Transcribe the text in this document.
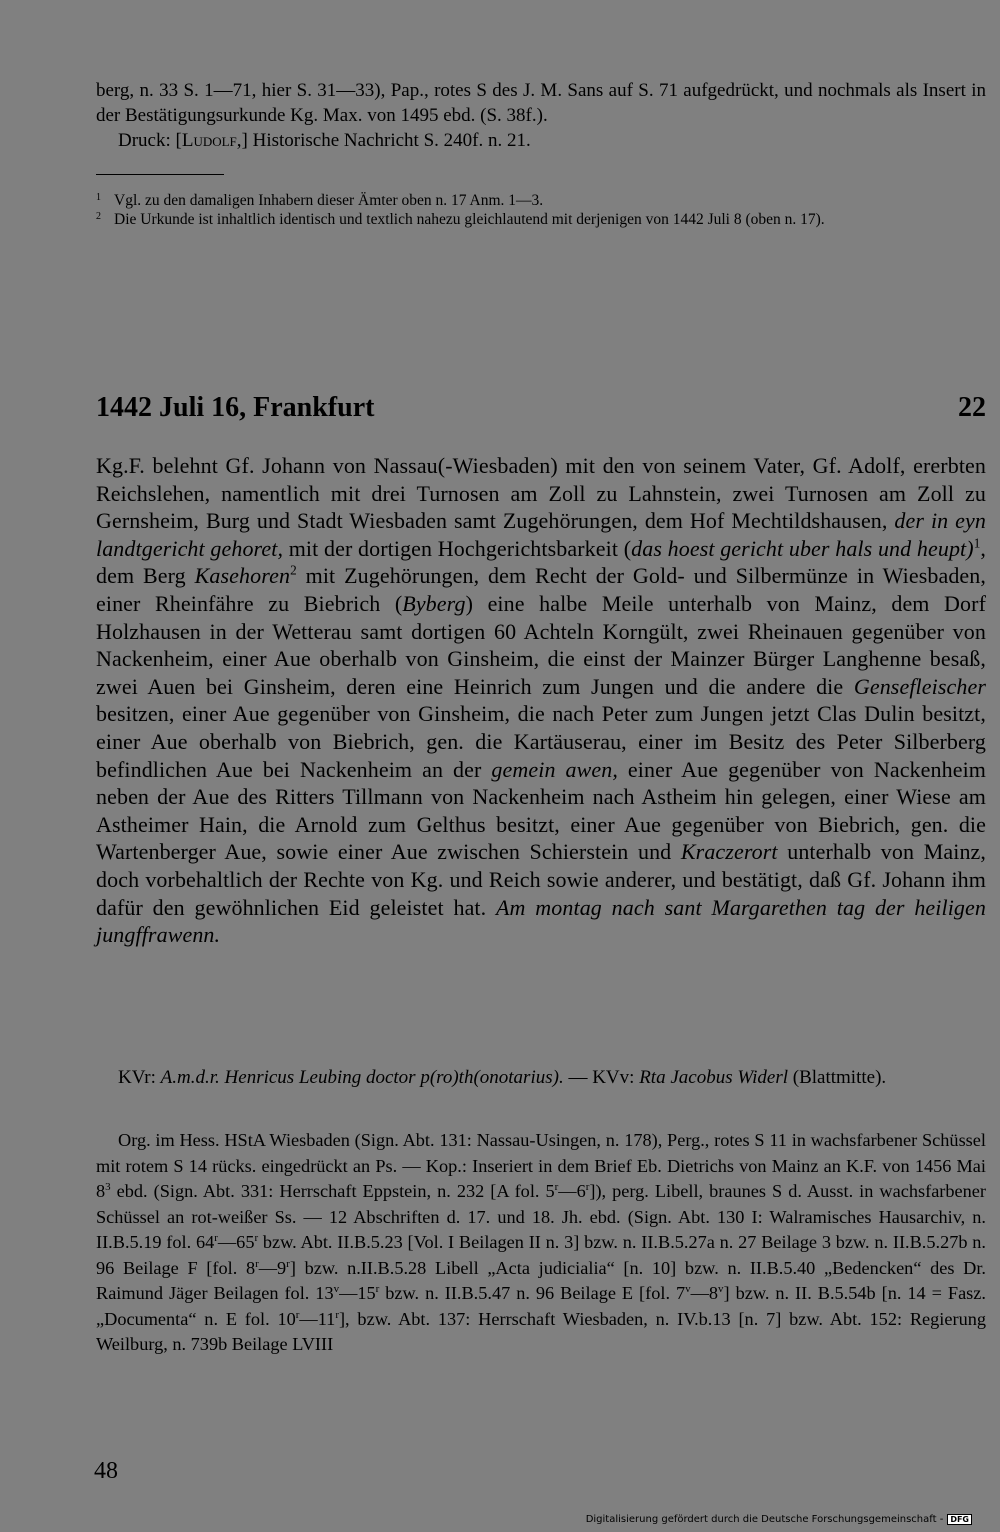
berg, n. 33 S. 1—71, hier S. 31—33), Pap., rotes S des J. M. Sans auf S. 71 aufgedrückt, und nochmals als Insert in der Bestätigungsurkunde Kg. Max. von 1495 ebd. (S. 38f.).
Druck: [Ludolf,] Historische Nachricht S. 240f. n. 21.
1 Vgl. zu den damaligen Inhabern dieser Ämter oben n. 17 Anm. 1—3.
2 Die Urkunde ist inhaltlich identisch und textlich nahezu gleichlautend mit derjenigen von 1442 Juli 8 (oben n. 17).
1442 Juli 16, Frankfurt	22
Kg.F. belehnt Gf. Johann von Nassau(-Wiesbaden) mit den von seinem Vater, Gf. Adolf, ererbten Reichslehen, namentlich mit drei Turnosen am Zoll zu Lahnstein, zwei Turnosen am Zoll zu Gernsheim, Burg und Stadt Wiesbaden samt Zugehörungen, dem Hof Mechtildshausen, der in eyn landtgericht gehoret, mit der dortigen Hochgerichtsbarkeit (das hoest gericht uber hals und heupt)$^1$, dem Berg Kasehoren$^2$ mit Zugehörungen, dem Recht der Gold- und Silbermünze in Wiesbaden, einer Rheinfähre zu Biebrich (Byberg) eine halbe Meile unterhalb von Mainz, dem Dorf Holzhausen in der Wetterau samt dortigen 60 Achteln Korngült, zwei Rheinauen gegenüber von Nackenheim, einer Aue oberhalb von Ginsheim, die einst der Mainzer Bürger Langhenne besaß, zwei Auen bei Ginsheim, deren eine Heinrich zum Jungen und die andere die Gensefleischer besitzen, einer Aue gegenüber von Ginsheim, die nach Peter zum Jungen jetzt Clas Dulin besitzt, einer Aue oberhalb von Biebrich, gen. die Kartäuserau, einer im Besitz des Peter Silberberg befindlichen Aue bei Nackenheim an der gemein awen, einer Aue gegenüber von Nackenheim neben der Aue des Ritters Tillmann von Nackenheim nach Astheim hin gelegen, einer Wiese am Astheimer Hain, die Arnold zum Gelthus besitzt, einer Aue gegenüber von Biebrich, gen. die Wartenberger Aue, sowie einer Aue zwischen Schierstein und Kraczerort unterhalb von Mainz, doch vorbehaltlich der Rechte von Kg. und Reich sowie anderer, und bestätigt, daß Gf. Johann ihm dafür den gewöhnlichen Eid geleistet hat. Am montag nach sant Margarethen tag der heiligen jungffrawenn.
KVr: A.m.d.r. Henricus Leubing doctor p(ro)th(onotarius). — KVv: Rta Jacobus Widerl (Blattmitte).
Org. im Hess. HStA Wiesbaden (Sign. Abt. 131: Nassau-Usingen, n. 178), Perg., rotes S 11 in wachsfarbener Schüssel mit rotem S 14 rücks. eingedrückt an Ps. — Kop.: Inseriert in dem Brief Eb. Dietrichs von Mainz an K.F. von 1456 Mai $8^3$ ebd. (Sign. Abt. 331: Herrschaft Eppstein, n. 232 [A fol. 5$^r$—6$^r$]), perg. Libell, braunes S d. Ausst. in wachsfarbener Schüssel an rot-weißer Ss. — 12 Abschriften d. 17. und 18. Jh. ebd. (Sign. Abt. 130 I: Walramisches Hausarchiv, n. II.B.5.19 fol. 64$^r$—65$^r$ bzw. Abt. II.B.5.23 [Vol. I Beilagen II n. 3] bzw. n. II.B.5.27a n. 27 Beilage 3 bzw. n. II.B.5.27b n. 96 Beilage F [fol. 8$^r$—9$^r$] bzw. n.II.B.5.28 Libell „Acta judicialia“ [n. 10] bzw. n. II.B.5.40 „Bedencken“ des Dr. Raimund Jäger Beilagen fol. 13$^v$—15$^r$ bzw. n. II.B.5.47 n. 96 Beilage E [fol. 7$^v$—8$^v$] bzw. n. II. B.5.54b [n. 14 = Fasz. „Documenta“ n. E fol. 10$^r$—11$^r$], bzw. Abt. 137: Herrschaft Wiesbaden, n. IV.b.13 [n. 7] bzw. Abt. 152: Regierung Weilburg, n. 739b Beilage LVIII
48
Digitalisierung gefördert durch die Deutsche Forschungsgemeinschaft - DFG
